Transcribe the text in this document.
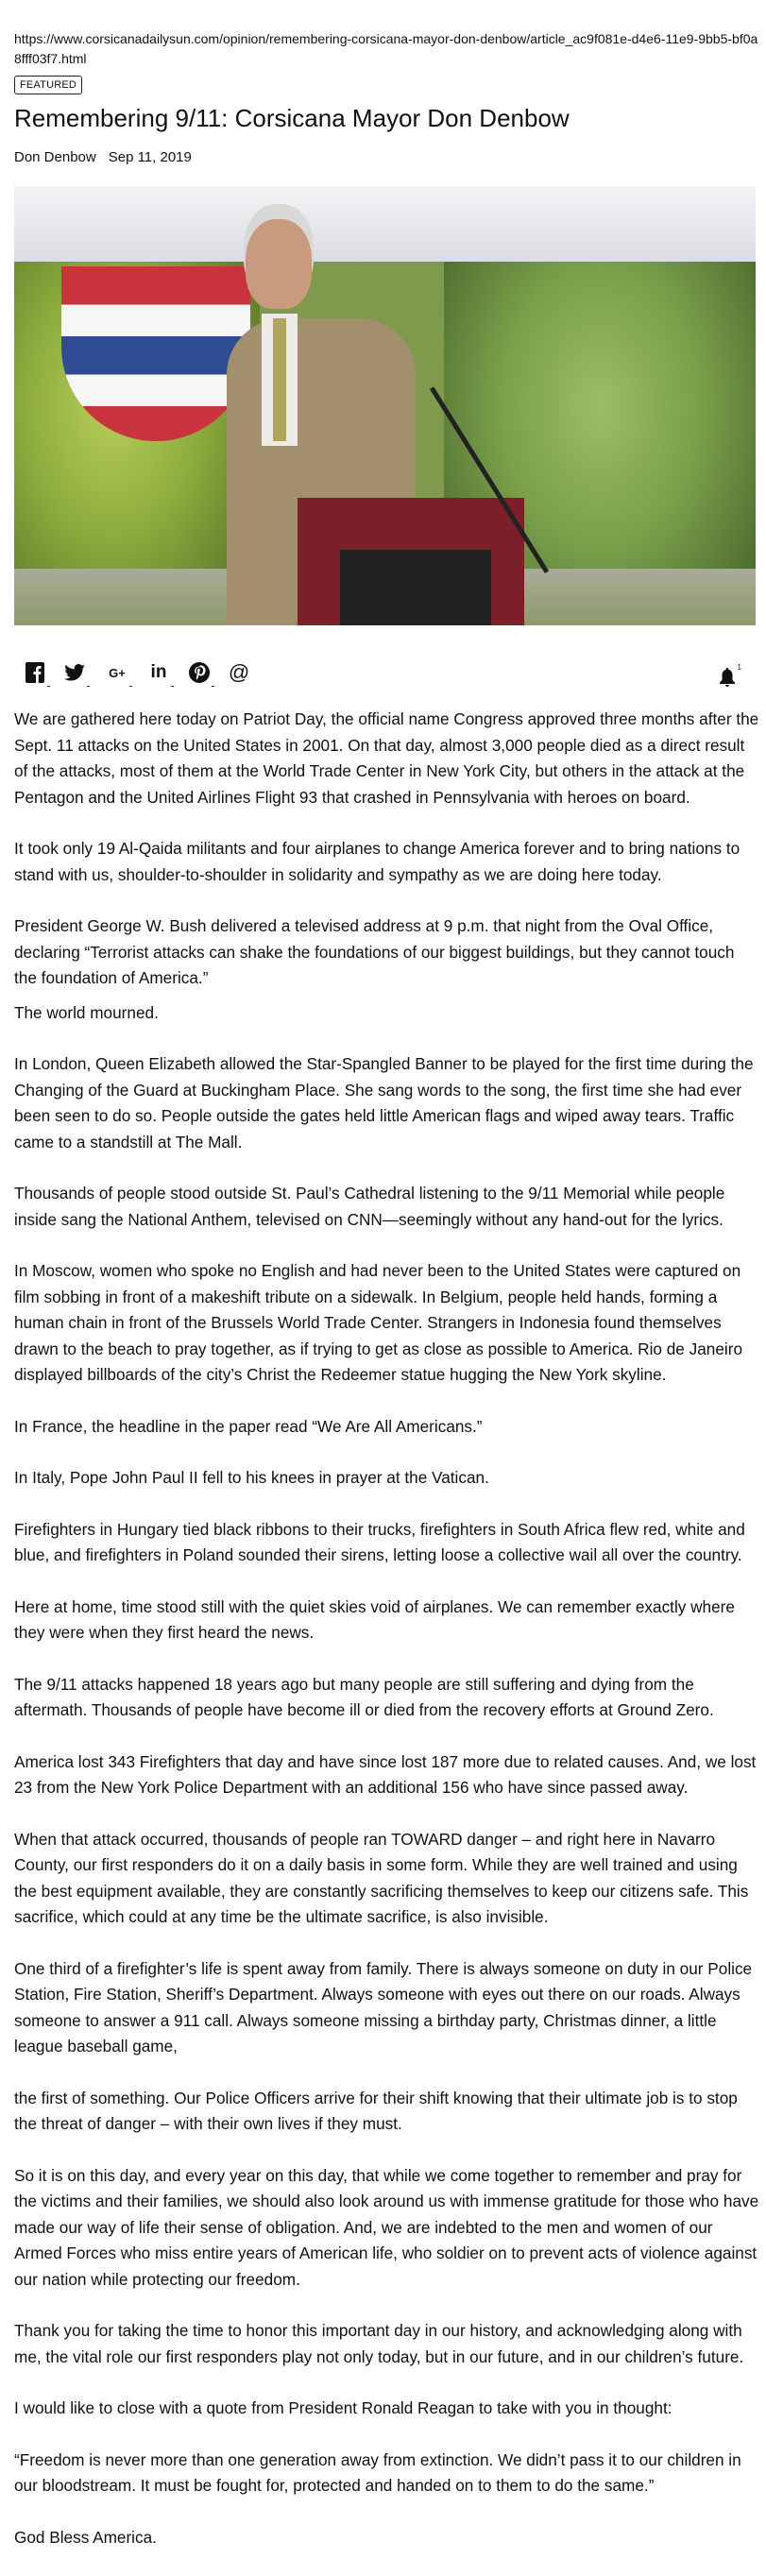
https://www.corsicanadailysun.com/opinion/remembering-corsicana-mayor-don-denbow/article_ac9f081e-d4e6-11e9-9bb5-bf0a8fff03f7.html
FEATURED
Remembering 9/11: Corsicana Mayor Don Denbow
Don Denbow Sep 11, 2019
G+ in	@	1

We are gathered here today on Patriot Day, the official name Congress approved three months after the Sept. 11 attacks on the United States in 2001. On that day, almost 3,000 people died as a direct result of the attacks, most of them at the World Trade Center in New York City, but others in the attack at the Pentagon and the United Airlines Flight 93 that crashed in Pennsylvania with heroes on board.

It took only 19 Al-Qaida militants and four airplanes to change America forever and to bring nations to stand with us, shoulder-to-shoulder in solidarity and sympathy as we are doing here today.

President George W. Bush delivered a televised address at 9 p.m. that night from the Oval Office, declaring “Terrorist attacks can shake the foundations of our biggest buildings, but they cannot touch the foundation of America.”

The world mourned.

In London, Queen Elizabeth allowed the Star-Spangled Banner to be played for the first time during the Changing of the Guard at Buckingham Place. She sang words to the song, the first time she had ever been seen to do so. People outside the gates held little American flags and wiped away tears. Traffic came to a standstill at The Mall.

Thousands of people stood outside St. Paul’s Cathedral listening to the 9/11 Memorial while people inside sang the National Anthem, televised on CNN—seemingly without any hand-out for the lyrics.

In Moscow, women who spoke no English and had never been to the United States were captured on film sobbing in front of a makeshift tribute on a sidewalk. In Belgium, people held hands, forming a human chain in front of the Brussels World Trade Center. Strangers in Indonesia found themselves drawn to the beach to pray together, as if trying to get as close as possible to America. Rio de Janeiro displayed billboards of the city’s Christ the Redeemer statue hugging the New York skyline.

In France, the headline in the paper read “We Are All Americans.”

In Italy, Pope John Paul II fell to his knees in prayer at the Vatican.

Firefighters in Hungary tied black ribbons to their trucks, firefighters in South Africa flew red, white and blue, and firefighters in Poland sounded their sirens, letting loose a collective wail all over the country.

Here at home, time stood still with the quiet skies void of airplanes. We can remember exactly where they were when they first heard the news.

The 9/11 attacks happened 18 years ago but many people are still suffering and dying from the aftermath. Thousands of people have become ill or died from the recovery efforts at Ground Zero.

America lost 343 Firefighters that day and have since lost 187 more due to related causes. And, we lost 23 from the New York Police Department with an additional 156 who have since passed away.

When that attack occurred, thousands of people ran TOWARD danger – and right here in Navarro County, our first responders do it on a daily basis in some form. While they are well trained and using the best equipment available, they are constantly sacrificing themselves to keep our citizens safe. This sacrifice, which could at any time be the ultimate sacrifice, is also invisible.

One third of a firefighter’s life is spent away from family. There is always someone on duty in our Police Station, Fire Station, Sheriff’s Department. Always someone with eyes out there on our roads. Always someone to answer a 911 call. Always someone missing a birthday party, Christmas dinner, a little league baseball game,

the first of something. Our Police Officers arrive for their shift knowing that their ultimate job is to stop the threat of danger – with their own lives if they must.

So it is on this day, and every year on this day, that while we come together to remember and pray for the victims and their families, we should also look around us with immense gratitude for those who have made our way of life their sense of obligation. And, we are indebted to the men and women of our Armed Forces who miss entire years of American life, who soldier on to prevent acts of violence against our nation while protecting our freedom.

Thank you for taking the time to honor this important day in our history, and acknowledging along with me, the vital role our first responders play not only today, but in our future, and in our children’s future.

I would like to close with a quote from President Ronald Reagan to take with you in thought:

“Freedom is never more than one generation away from extinction. We didn’t pass it to our children in our bloodstream. It must be fought for, protected and handed on to them to do the same.”

God Bless America.
